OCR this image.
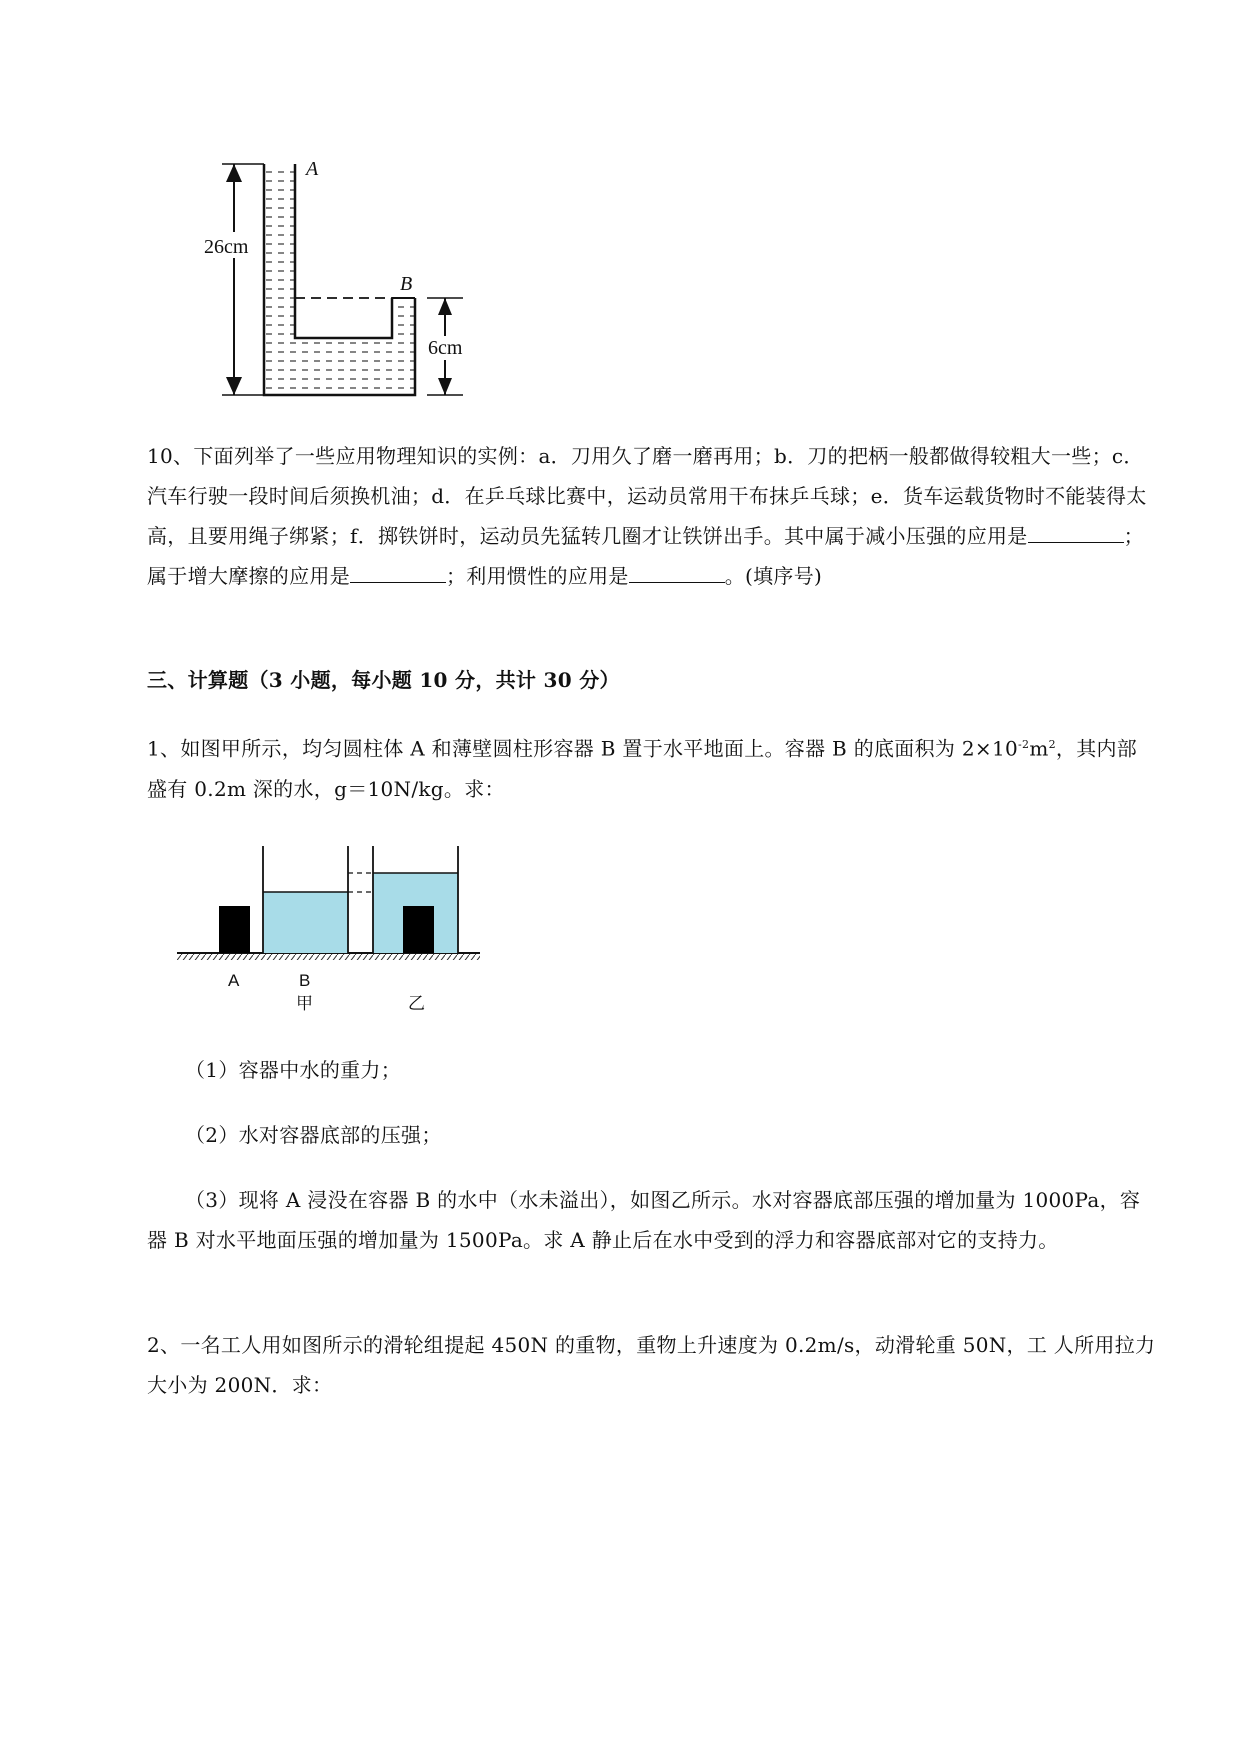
A
B
26cm
6cm

10、下面列举了一些应用物理知识的实例：a．刀用久了磨一磨再用；b．刀的把柄一般都做得较粗大一些；c．汽车行驶一段时间后须换机油；d．在乒乓球比赛中，运动员常用干布抹乒乓球；e．货车运载货物时不能装得太高，且要用绳子绑紧；f．掷铁饼时，运动员先猛转几圈才让铁饼出手。其中属于减小压强的应用是	；属于增大摩擦的应用是	；利用惯性的应用是	。(填序号)

三、计算题（3 小题，每小题 10 分，共计 30 分）

1、如图甲所示，均匀圆柱体 A 和薄壁圆柱形容器 B 置于水平地面上。容器 B 的底面积为 $2\times 10^{-2}m^2$，其内部盛有 0.2m 深的水，g＝10N/kg。求：

A	B
甲	乙
（1）容器中水的重力；
（2）水对容器底部的压强；

（3）现将 A 浸没在容器 B 的水中（水未溢出），如图乙所示。水对容器底部压强的增加量为 1000Pa，容器 B 对水平地面压强的增加量为 1500Pa。求 A 静止后在水中受到的浮力和容器底部对它的支持力。

2、一名工人用如图所示的滑轮组提起 450N 的重物，重物上升速度为 0.2m/s，动滑轮重 50N，工 人所用拉力大小为 200N．求：
